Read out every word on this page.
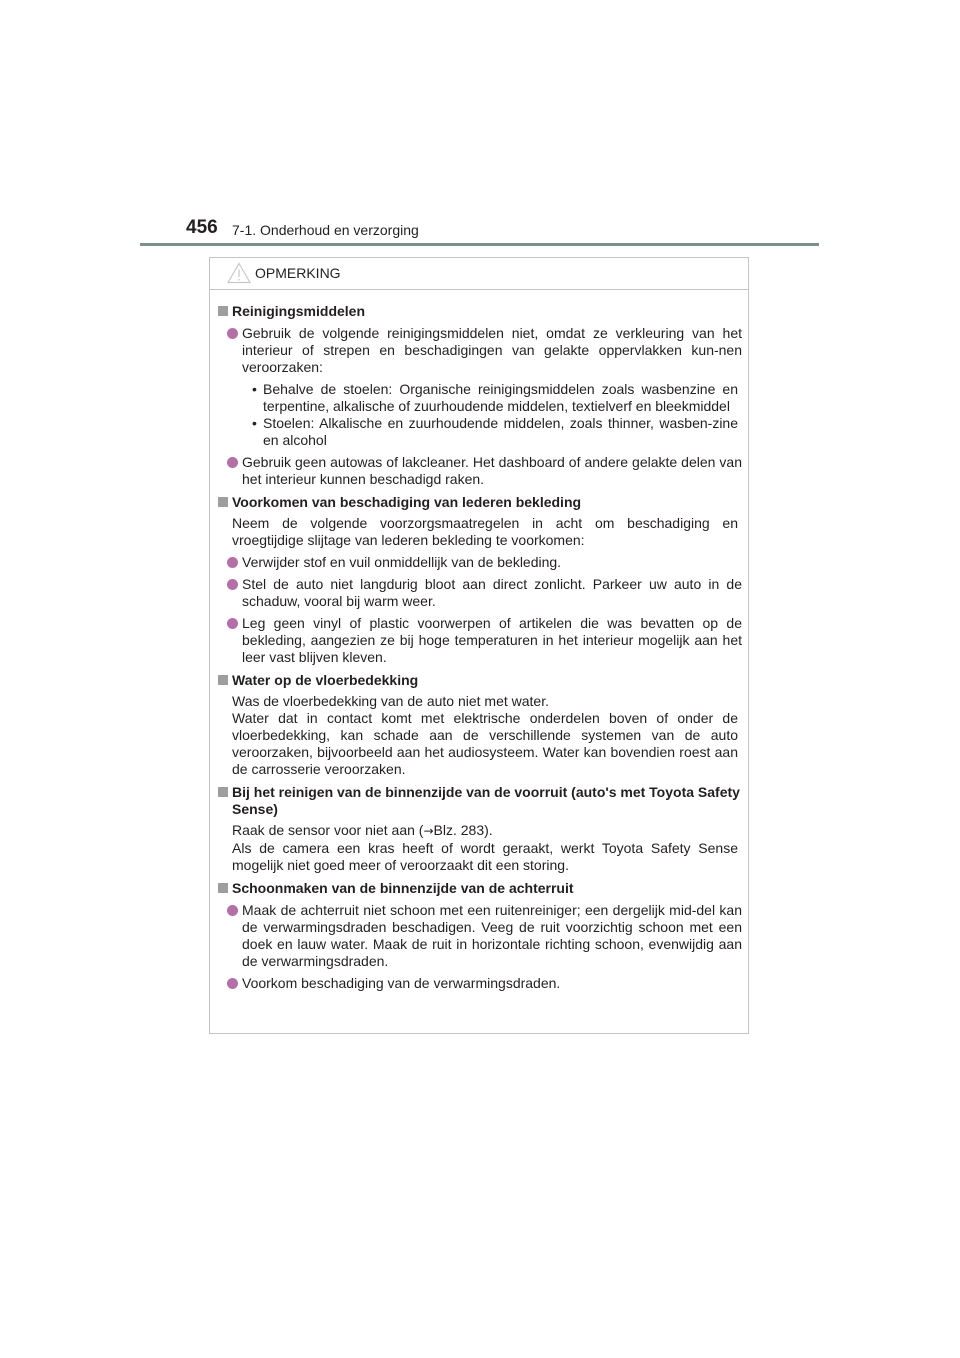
456 7-1. Onderhoud en verzorging
OPMERKING
Reinigingsmiddelen
Gebruik de volgende reinigingsmiddelen niet, omdat ze verkleuring van het interieur of strepen en beschadigingen van gelakte oppervlakken kun-nen veroorzaken:
• Behalve de stoelen: Organische reinigingsmiddelen zoals wasbenzine en terpentine, alkalische of zuurhoudende middelen, textielverf en bleekmiddel
• Stoelen: Alkalische en zuurhoudende middelen, zoals thinner, wasben-zine en alcohol
Gebruik geen autowas of lakcleaner. Het dashboard of andere gelakte delen van het interieur kunnen beschadigd raken.
Voorkomen van beschadiging van lederen bekleding
Neem de volgende voorzorgsmaatregelen in acht om beschadiging en vroegtijdige slijtage van lederen bekleding te voorkomen:
Verwijder stof en vuil onmiddellijk van de bekleding.
Stel de auto niet langdurig bloot aan direct zonlicht. Parkeer uw auto in de schaduw, vooral bij warm weer.
Leg geen vinyl of plastic voorwerpen of artikelen die was bevatten op de bekleding, aangezien ze bij hoge temperaturen in het interieur mogelijk aan het leer vast blijven kleven.
Water op de vloerbedekking
Was de vloerbedekking van de auto niet met water.
Water dat in contact komt met elektrische onderdelen boven of onder de vloerbedekking, kan schade aan de verschillende systemen van de auto veroorzaken, bijvoorbeeld aan het audiosysteem. Water kan bovendien roest aan de carrosserie veroorzaken.
Bij het reinigen van de binnenzijde van de voorruit (auto's met Toyota Safety Sense)
Raak de sensor voor niet aan (→Blz. 283).
Als de camera een kras heeft of wordt geraakt, werkt Toyota Safety Sense mogelijk niet goed meer of veroorzaakt dit een storing.
Schoonmaken van de binnenzijde van de achterruit
Maak de achterruit niet schoon met een ruitenreiniger; een dergelijk mid-del kan de verwarmingsdraden beschadigen. Veeg de ruit voorzichtig schoon met een doek en lauw water. Maak de ruit in horizontale richting schoon, evenwijdig aan de verwarmingsdraden.
Voorkom beschadiging van de verwarmingsdraden.
